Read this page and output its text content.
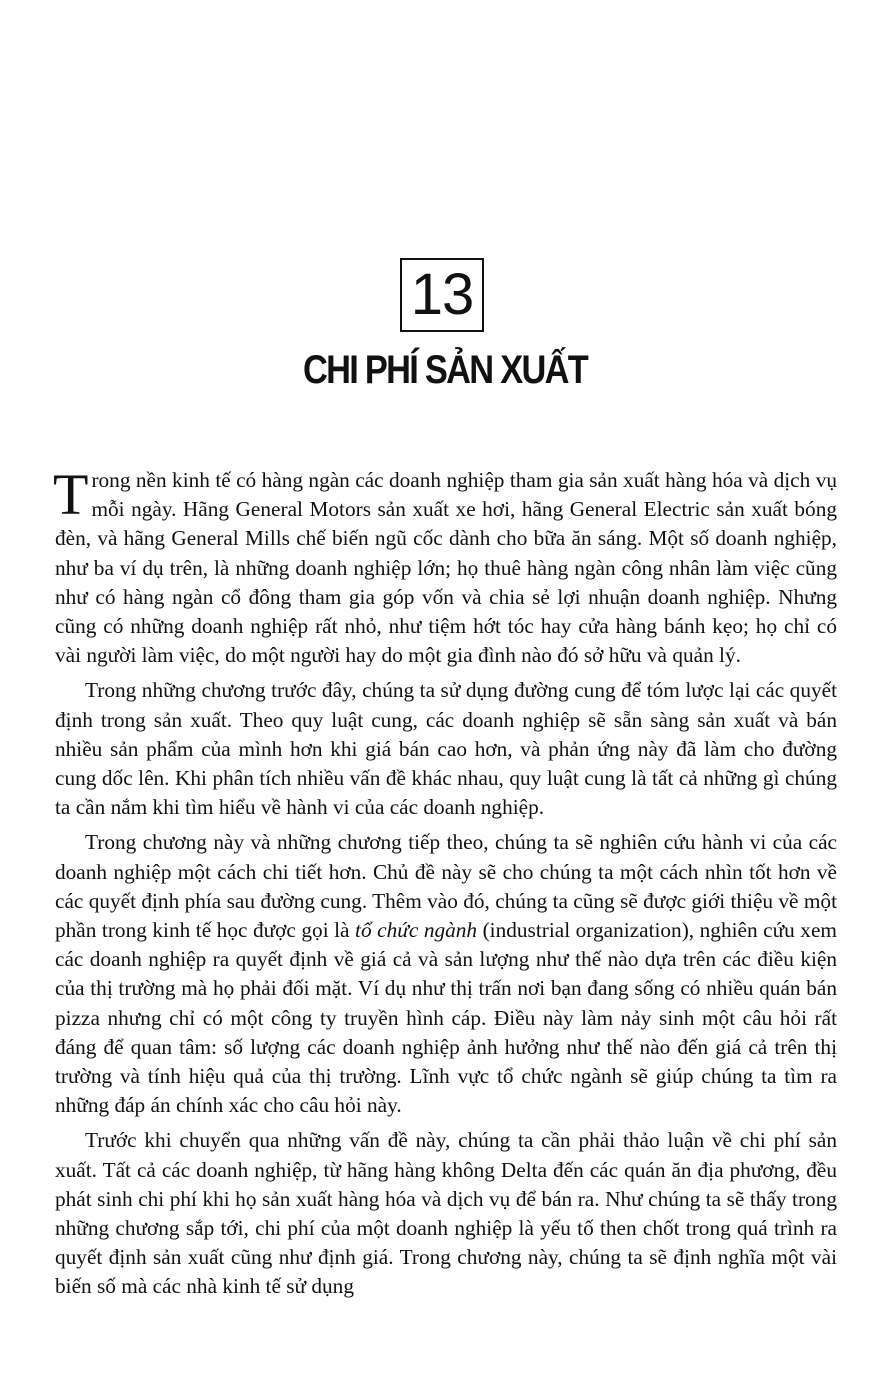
13
CHI PHÍ SẢN XUẤT

Trong nền kinh tế có hàng ngàn các doanh nghiệp tham gia sản xuất hàng hóa và dịch vụ mỗi ngày. Hãng General Motors sản xuất xe hơi, hãng General Electric sản xuất bóng đèn, và hãng General Mills chế biến ngũ cốc dành cho bữa ăn sáng. Một số doanh nghiệp, như ba ví dụ trên, là những doanh nghiệp lớn; họ thuê hàng ngàn công nhân làm việc cũng như có hàng ngàn cổ đông tham gia góp vốn và chia sẻ lợi nhuận doanh nghiệp. Nhưng cũng có những doanh nghiệp rất nhỏ, như tiệm hớt tóc hay cửa hàng bánh kẹo; họ chỉ có vài người làm việc, do một người hay do một gia đình nào đó sở hữu và quản lý.

Trong những chương trước đây, chúng ta sử dụng đường cung để tóm lược lại các quyết định trong sản xuất. Theo quy luật cung, các doanh nghiệp sẽ sẵn sàng sản xuất và bán nhiều sản phẩm của mình hơn khi giá bán cao hơn, và phản ứng này đã làm cho đường cung dốc lên. Khi phân tích nhiều vấn đề khác nhau, quy luật cung là tất cả những gì chúng ta cần nắm khi tìm hiểu về hành vi của các doanh nghiệp.

Trong chương này và những chương tiếp theo, chúng ta sẽ nghiên cứu hành vi của các doanh nghiệp một cách chi tiết hơn. Chủ đề này sẽ cho chúng ta một cách nhìn tốt hơn về các quyết định phía sau đường cung. Thêm vào đó, chúng ta cũng sẽ được giới thiệu về một phần trong kinh tế học được gọi là tổ chức ngành (industrial organization), nghiên cứu xem các doanh nghiệp ra quyết định về giá cả và sản lượng như thế nào dựa trên các điều kiện của thị trường mà họ phải đối mặt. Ví dụ như thị trấn nơi bạn đang sống có nhiều quán bán pizza nhưng chỉ có một công ty truyền hình cáp. Điều này làm nảy sinh một câu hỏi rất đáng để quan tâm: số lượng các doanh nghiệp ảnh hưởng như thế nào đến giá cả trên thị trường và tính hiệu quả của thị trường. Lĩnh vực tổ chức ngành sẽ giúp chúng ta tìm ra những đáp án chính xác cho câu hỏi này.

Trước khi chuyển qua những vấn đề này, chúng ta cần phải thảo luận về chi phí sản xuất. Tất cả các doanh nghiệp, từ hãng hàng không Delta đến các quán ăn địa phương, đều phát sinh chi phí khi họ sản xuất hàng hóa và dịch vụ để bán ra. Như chúng ta sẽ thấy trong những chương sắp tới, chi phí của một doanh nghiệp là yếu tố then chốt trong quá trình ra quyết định sản xuất cũng như định giá. Trong chương này, chúng ta sẽ định nghĩa một vài biến số mà các nhà kinh tế sử dụng
